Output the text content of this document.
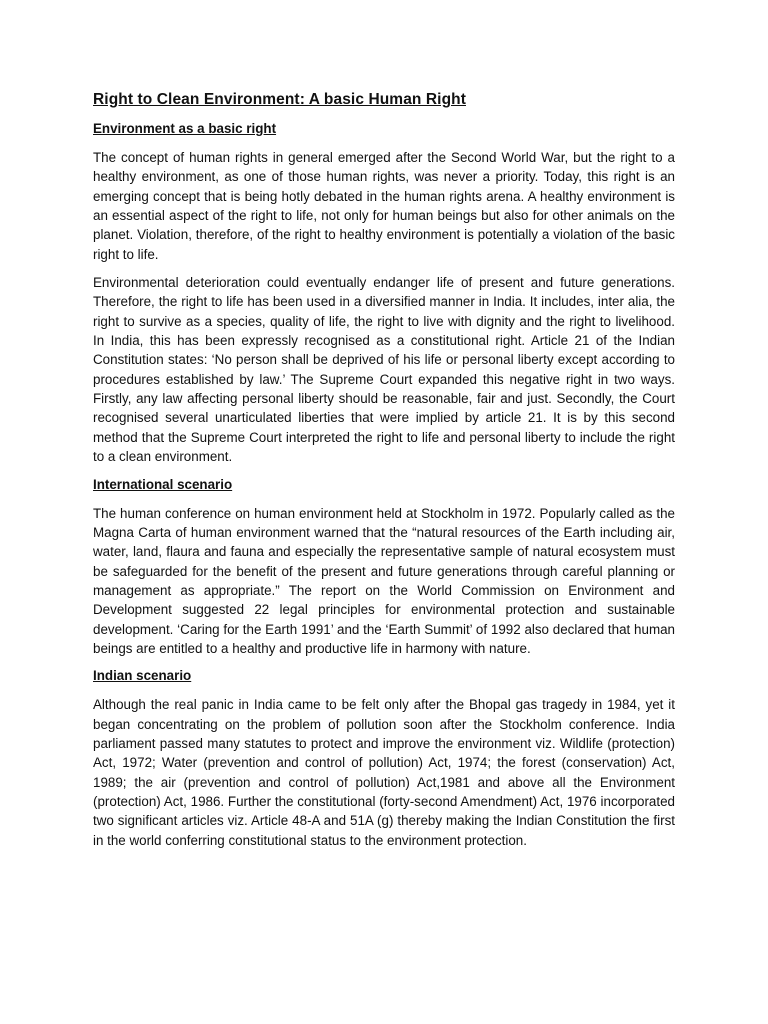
Right to Clean Environment: A basic Human Right
Environment as a basic right

The concept of human rights in general emerged after the Second World War, but the right to a healthy environment, as one of those human rights, was never a priority. Today, this right is an emerging concept that is being hotly debated in the human rights arena. A healthy environment is an essential aspect of the right to life, not only for human beings but also for other animals on the planet. Violation, therefore, of the right to healthy environment is potentially a violation of the basic right to life.

Environmental deterioration could eventually endanger life of present and future generations. Therefore, the right to life has been used in a diversified manner in India. It includes, inter alia, the right to survive as a species, quality of life, the right to live with dignity and the right to livelihood. In India, this has been expressly recognised as a constitutional right. Article 21 of the Indian Constitution states: ‘No person shall be deprived of his life or personal liberty except according to procedures established by law.’ The Supreme Court expanded this negative right in two ways. Firstly, any law affecting personal liberty should be reasonable, fair and just. Secondly, the Court recognised several unarticulated liberties that were implied by article 21. It is by this second method that the Supreme Court interpreted the right to life and personal liberty to include the right to a clean environment.

International scenario

The human conference on human environment held at Stockholm in 1972. Popularly called as the Magna Carta of human environment warned that the “natural resources of the Earth including air, water, land, flaura and fauna and especially the representative sample of natural ecosystem must be safeguarded for the benefit of the present and future generations through careful planning or management as appropriate.” The report on the World Commission on Environment and Development suggested 22 legal principles for environmental protection and sustainable development. ‘Caring for the Earth 1991’ and the ‘Earth Summit’ of 1992 also declared that human beings are entitled to a healthy and productive life in harmony with nature.

Indian scenario

Although the real panic in India came to be felt only after the Bhopal gas tragedy in 1984, yet it began concentrating on the problem of pollution soon after the Stockholm conference. India parliament passed many statutes to protect and improve the environment viz. Wildlife (protection) Act, 1972; Water (prevention and control of pollution) Act, 1974; the forest (conservation) Act, 1989; the air (prevention and control of pollution) Act,1981 and above all the Environment (protection) Act, 1986. Further the constitutional (forty-second Amendment) Act, 1976 incorporated two significant articles viz. Article 48-A and 51A (g) thereby making the Indian Constitution the first in the world conferring constitutional status to the environment protection.
